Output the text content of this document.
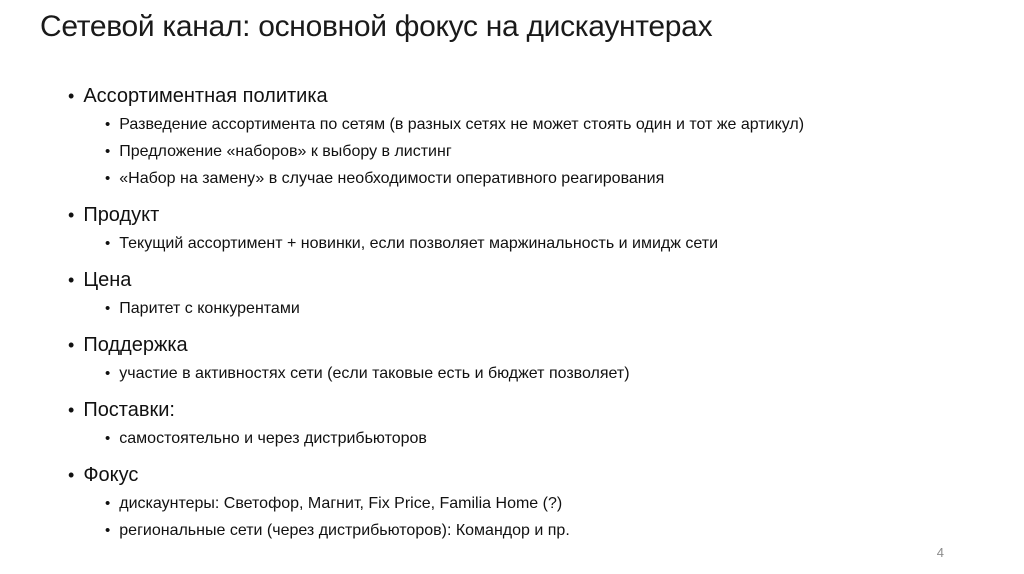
Сетевой канал: основной фокус на дискаунтерах
• Ассортиментная политика
• Разведение ассортимента по сетям (в разных сетях не может стоять один и тот же артикул)
• Предложение «наборов» к выбору в листинг
• «Набор на замену» в случае необходимости оперативного реагирования
• Продукт
• Текущий ассортимент + новинки, если позволяет маржинальность и имидж сети
• Цена
• Паритет с конкурентами
• Поддержка
• участие в активностях сети (если таковые есть и бюджет позволяет)
• Поставки:
• самостоятельно и через дистрибьюторов
• Фокус
• дискаунтеры: Светофор, Магнит, Fix Price, Familia Home (?)
• региональные сети (через дистрибьюторов): Командор и пр.
4
